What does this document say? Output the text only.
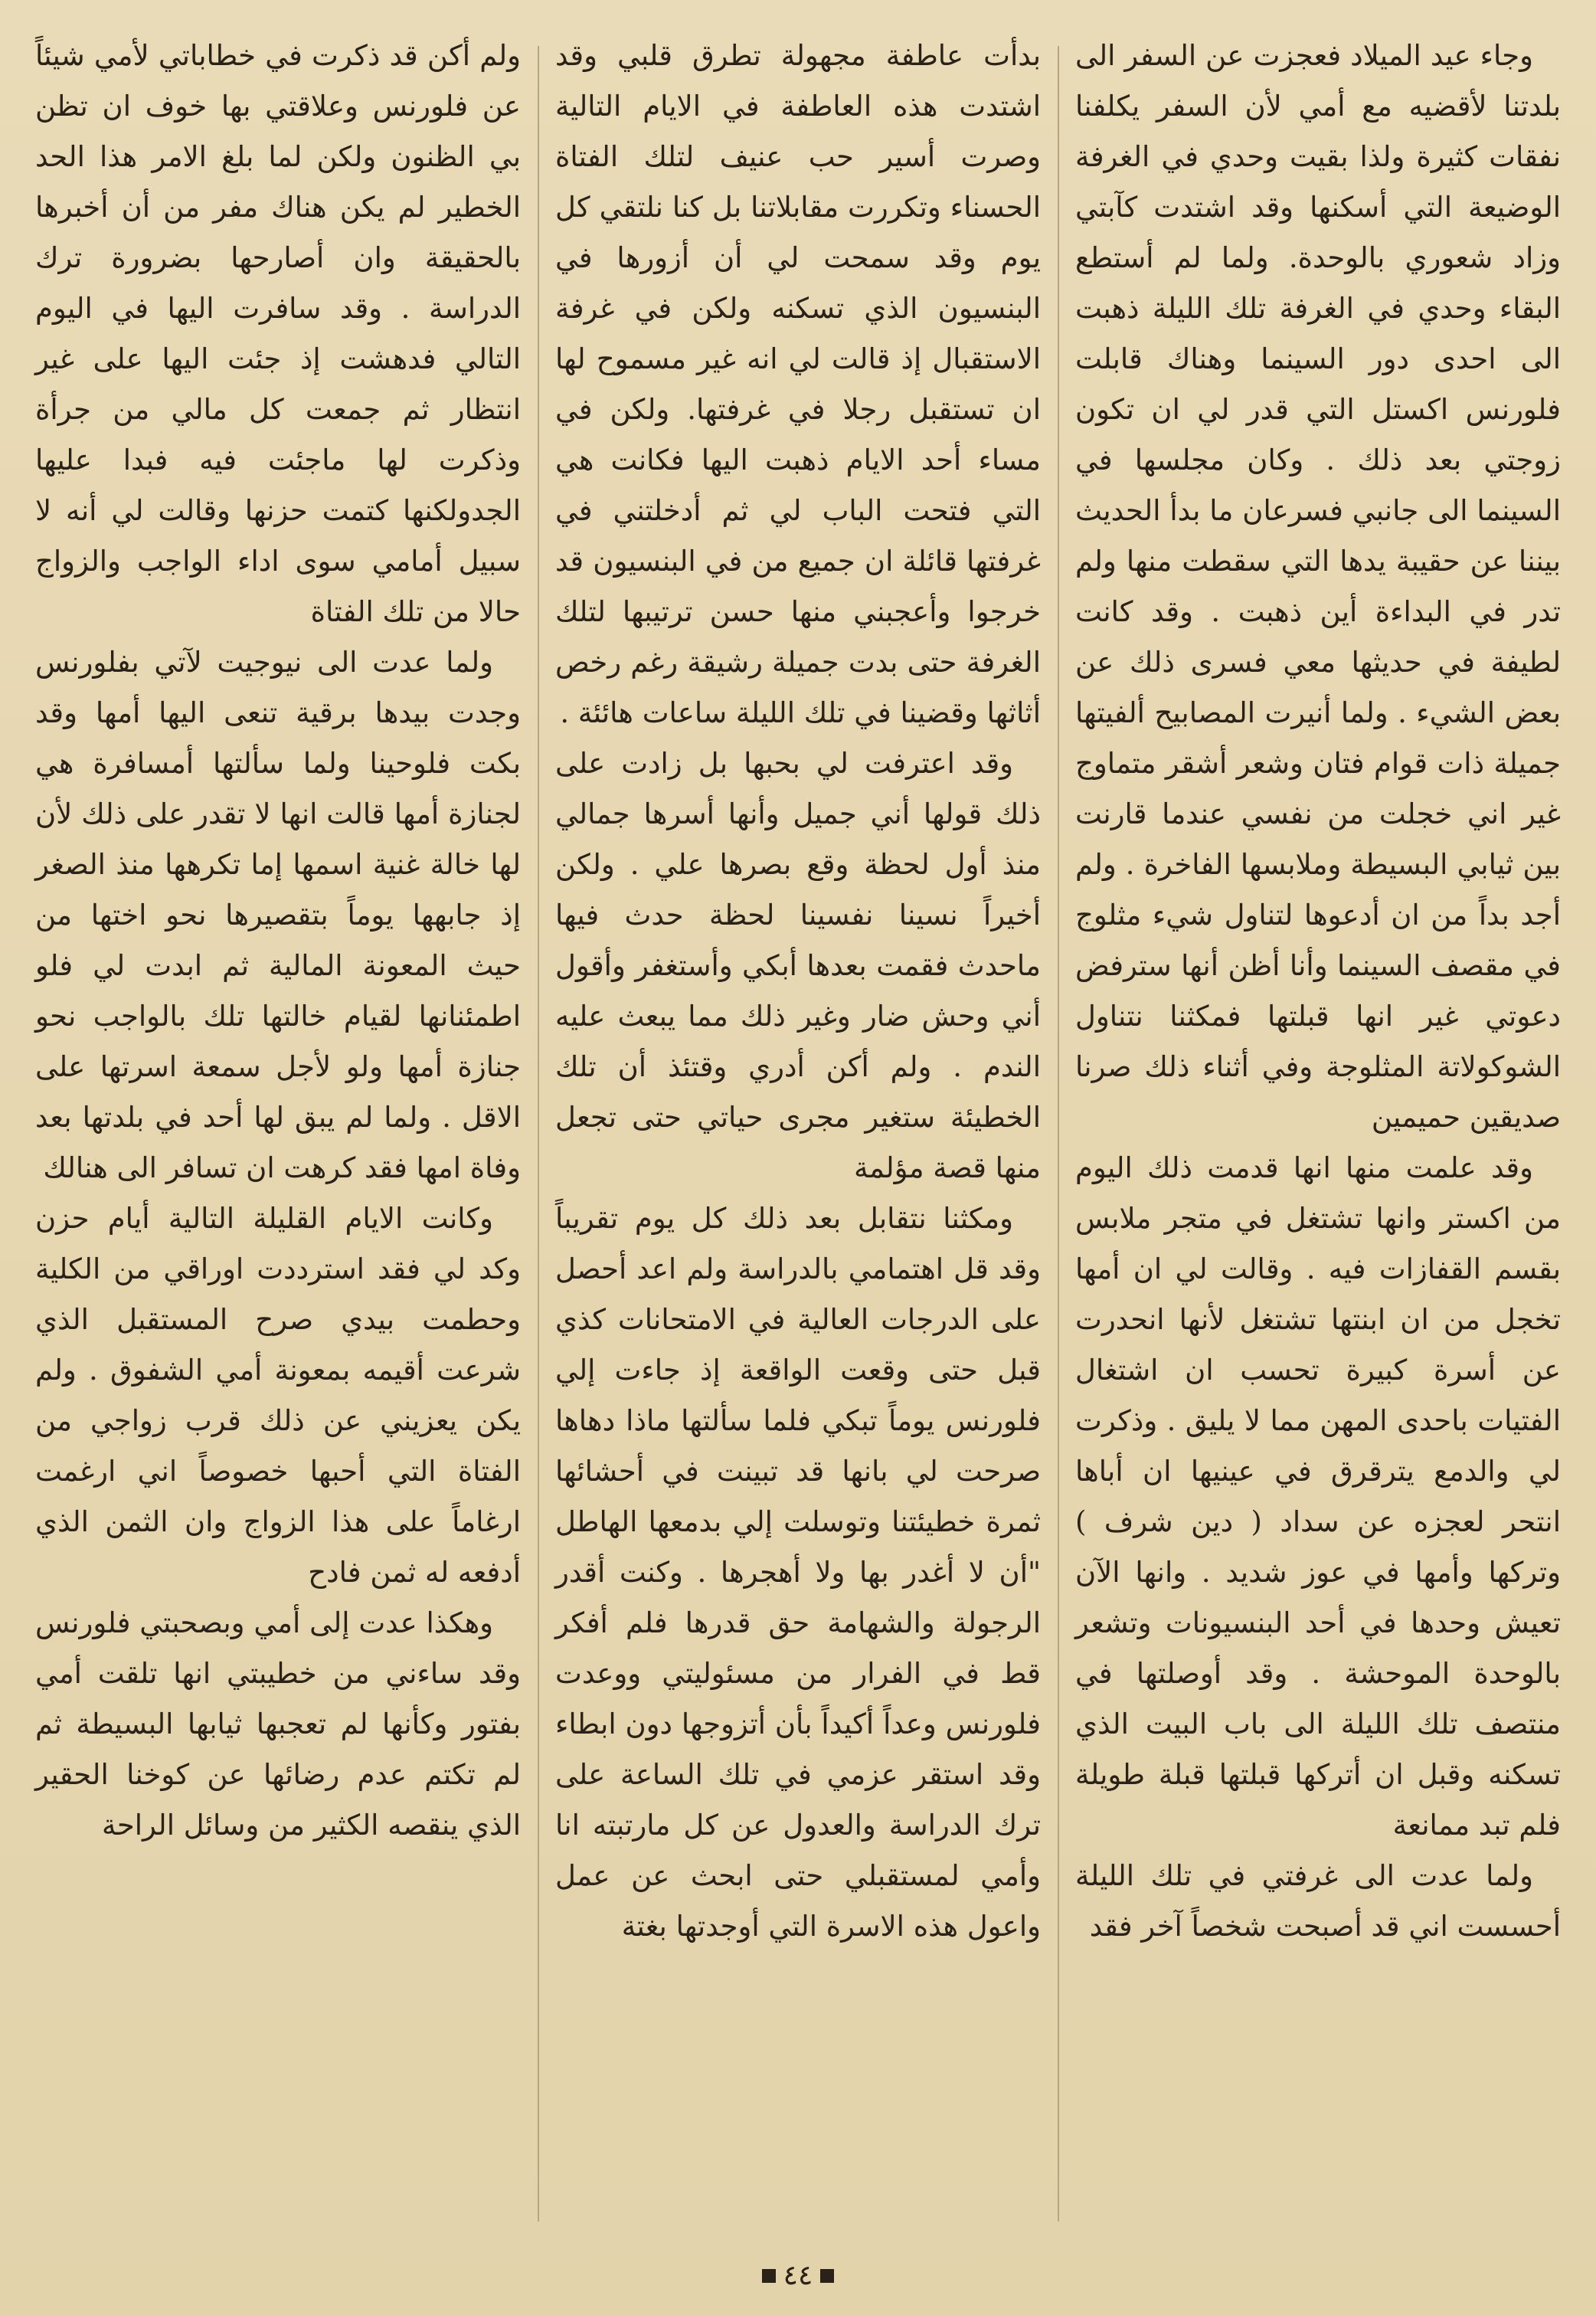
وجاء عيد الميلاد فعجزت عن السفر الى بلدتنا لأقضيه مع أمي لأن السفر يكلفنا نفقات كثيرة ولذا بقيت وحدي في الغرفة الوضيعة التي أسكنها وقد اشتدت كآبتي وزاد شعوري بالوحدة. ولما لم أستطع البقاء وحدي في الغرفة تلك الليلة ذهبت الى احدى دور السينما وهناك قابلت فلورنس اكستل التي قدر لي ان تكون زوجتي بعد ذلك . وكان مجلسها في السينما الى جانبي فسرعان ما بدأ الحديث بيننا عن حقيبة يدها التي سقطت منها ولم تدر في البداءة أين ذهبت . وقد كانت لطيفة في حديثها معي فسرى ذلك عن بعض الشيء . ولما أنيرت المصابيح ألفيتها جميلة ذات قوام فتان وشعر أشقر متماوج غير اني خجلت من نفسي عندما قارنت بين ثيابي البسيطة وملابسها الفاخرة . ولم أجد بداً من ان أدعوها لتناول شيء مثلوج في مقصف السينما وأنا أظن أنها سترفض دعوتي غير انها قبلتها فمكثنا نتناول الشوكولاتة المثلوجة وفي أثناء ذلك صرنا صديقين حميمين

وقد علمت منها انها قدمت ذلك اليوم من اكستر وانها تشتغل في متجر ملابس بقسم القفازات فيه . وقالت لي ان أمها تخجل من ان ابنتها تشتغل لأنها انحدرت عن أسرة كبيرة تحسب ان اشتغال الفتيات باحدى المهن مما لا يليق . وذكرت لي والدمع يترقرق في عينيها ان أباها انتحر لعجزه عن سداد ( دين شرف ) وتركها وأمها في عوز شديد . وانها الآن تعيش وحدها في أحد البنسيونات وتشعر بالوحدة الموحشة . وقد أوصلتها في منتصف تلك الليلة الى باب البيت الذي تسكنه وقبل ان أتركها قبلتها قبلة طويلة فلم تبد ممانعة

ولما عدت الى غرفتي في تلك الليلة أحسست اني قد أصبحت شخصاً آخر فقد

بدأت عاطفة مجهولة تطرق قلبي وقد اشتدت هذه العاطفة في الايام التالية وصرت أسير حب عنيف لتلك الفتاة الحسناء وتكررت مقابلاتنا بل كنا نلتقي كل يوم وقد سمحت لي أن أزورها في البنسيون الذي تسكنه ولكن في غرفة الاستقبال إذ قالت لي انه غير مسموح لها ان تستقبل رجلا في غرفتها. ولكن في مساء أحد الايام ذهبت اليها فكانت هي التي فتحت الباب لي ثم أدخلتني في غرفتها قائلة ان جميع من في البنسيون قد خرجوا وأعجبني منها حسن ترتيبها لتلك الغرفة حتى بدت جميلة رشيقة رغم رخص أثاثها وقضينا في تلك الليلة ساعات هائئة .

وقد اعترفت لي بحبها بل زادت على ذلك قولها أني جميل وأنها أسرها جمالي منذ أول لحظة وقع بصرها علي . ولكن أخيراً نسينا نفسينا لحظة حدث فيها ماحدث فقمت بعدها أبكي وأستغفر وأقول أني وحش ضار وغير ذلك مما يبعث عليه الندم . ولم أكن أدري وقتئذ أن تلك الخطيئة ستغير مجرى حياتي حتى تجعل منها قصة مؤلمة

ومكثنا نتقابل بعد ذلك كل يوم تقريباً وقد قل اهتمامي بالدراسة ولم اعد أحصل على الدرجات العالية في الامتحانات كذي قبل حتى وقعت الواقعة إذ جاءت إلي فلورنس يوماً تبكي فلما سألتها ماذا دهاها صرحت لي بانها قد تبينت في أحشائها ثمرة خطيئتنا وتوسلت إلي بدمعها الهاطل "أن لا أغدر بها ولا أهجرها . وكنت أقدر الرجولة والشهامة حق قدرها فلم أفكر قط في الفرار من مسئوليتي ووعدت فلورنس وعداً أكيداً بأن أتزوجها دون ابطاء وقد استقر عزمي في تلك الساعة على ترك الدراسة والعدول عن كل مارتبته انا وأمي لمستقبلي حتى ابحث عن عمل واعول هذه الاسرة التي أوجدتها بغتة

ولم أكن قد ذكرت في خطاباتي لأمي شيئاً عن فلورنس وعلاقتي بها خوف ان تظن بي الظنون ولكن لما بلغ الامر هذا الحد الخطير لم يكن هناك مفر من أن أخبرها بالحقيقة وان أصارحها بضرورة ترك الدراسة . وقد سافرت اليها في اليوم التالي فدهشت إذ جئت اليها على غير انتظار ثم جمعت كل مالي من جرأة وذكرت لها ماجئت فيه فبدا عليها الجدولكنها كتمت حزنها وقالت لي أنه لا سبيل أمامي سوى اداء الواجب والزواج حالا من تلك الفتاة

ولما عدت الى نيوجيت لآتي بفلورنس وجدت بيدها برقية تنعى اليها أمها وقد بكت فلوحينا ولما سألتها أمسافرة هي لجنازة أمها قالت انها لا تقدر على ذلك لأن لها خالة غنية اسمها إما تكرهها منذ الصغر إذ جابهها يوماً بتقصيرها نحو اختها من حيث المعونة المالية ثم ابدت لي فلو اطمئنانها لقيام خالتها تلك بالواجب نحو جنازة أمها ولو لأجل سمعة اسرتها على الاقل . ولما لم يبق لها أحد في بلدتها بعد وفاة امها فقد كرهت ان تسافر الى هنالك

وكانت الايام القليلة التالية أيام حزن وكد لي فقد استرددت اوراقي من الكلية وحطمت بيدي صرح المستقبل الذي شرعت أقيمه بمعونة أمي الشفوق . ولم يكن يعزيني عن ذلك قرب زواجي من الفتاة التي أحبها خصوصاً اني ارغمت ارغاماً على هذا الزواج وان الثمن الذي أدفعه له ثمن فادح

وهكذا عدت إلى أمي وبصحبتي فلورنس وقد ساءني من خطيبتي انها تلقت أمي بفتور وكأنها لم تعجبها ثيابها البسيطة ثم لم تكتم عدم رضائها عن كوخنا الحقير الذي ينقصه الكثير من وسائل الراحة

٤٤
